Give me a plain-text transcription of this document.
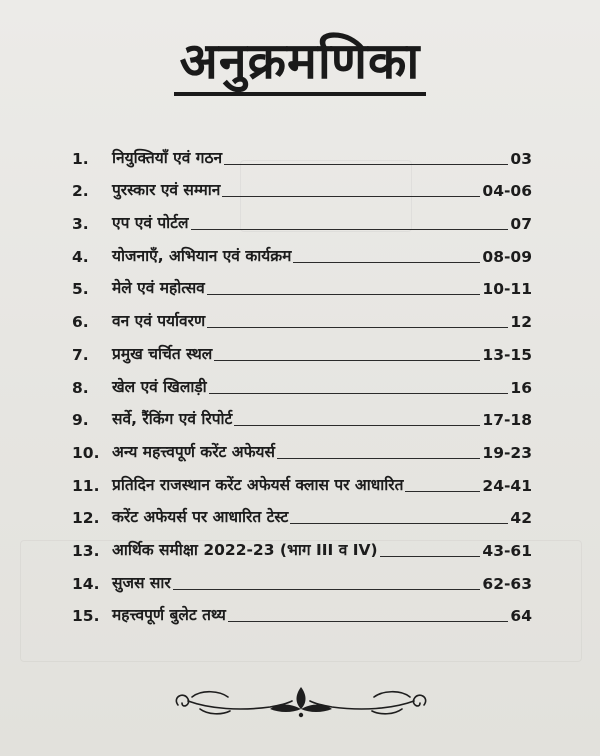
अनुक्रमणिका
1.	नियुक्तियाँ एवं गठन	03
2.	पुरस्कार एवं सम्मान	04-06
3.	एप एवं पोर्टल	07
4.	योजनाएँ, अभियान एवं कार्यक्रम	08-09
5.	मेले एवं महोत्सव	10-11
6.	वन एवं पर्यावरण	12
7.	प्रमुख चर्चित स्थल	13-15
8.	खेल एवं खिलाड़ी	16
9.	सर्वे, रैंकिंग एवं रिपोर्ट	17-18
10. अन्य महत्त्वपूर्ण करेंट अफेयर्स	19-23
11. प्रतिदिन राजस्थान करेंट अफेयर्स क्लास पर आधारित	24-41
12. करेंट अफेयर्स पर आधारित टेस्ट	42
13. आर्थिक समीक्षा 2022-23 (भाग III व IV)	43-61
14. सुजस सार	62-63
15. महत्त्वपूर्ण बुलेट तथ्य	64
